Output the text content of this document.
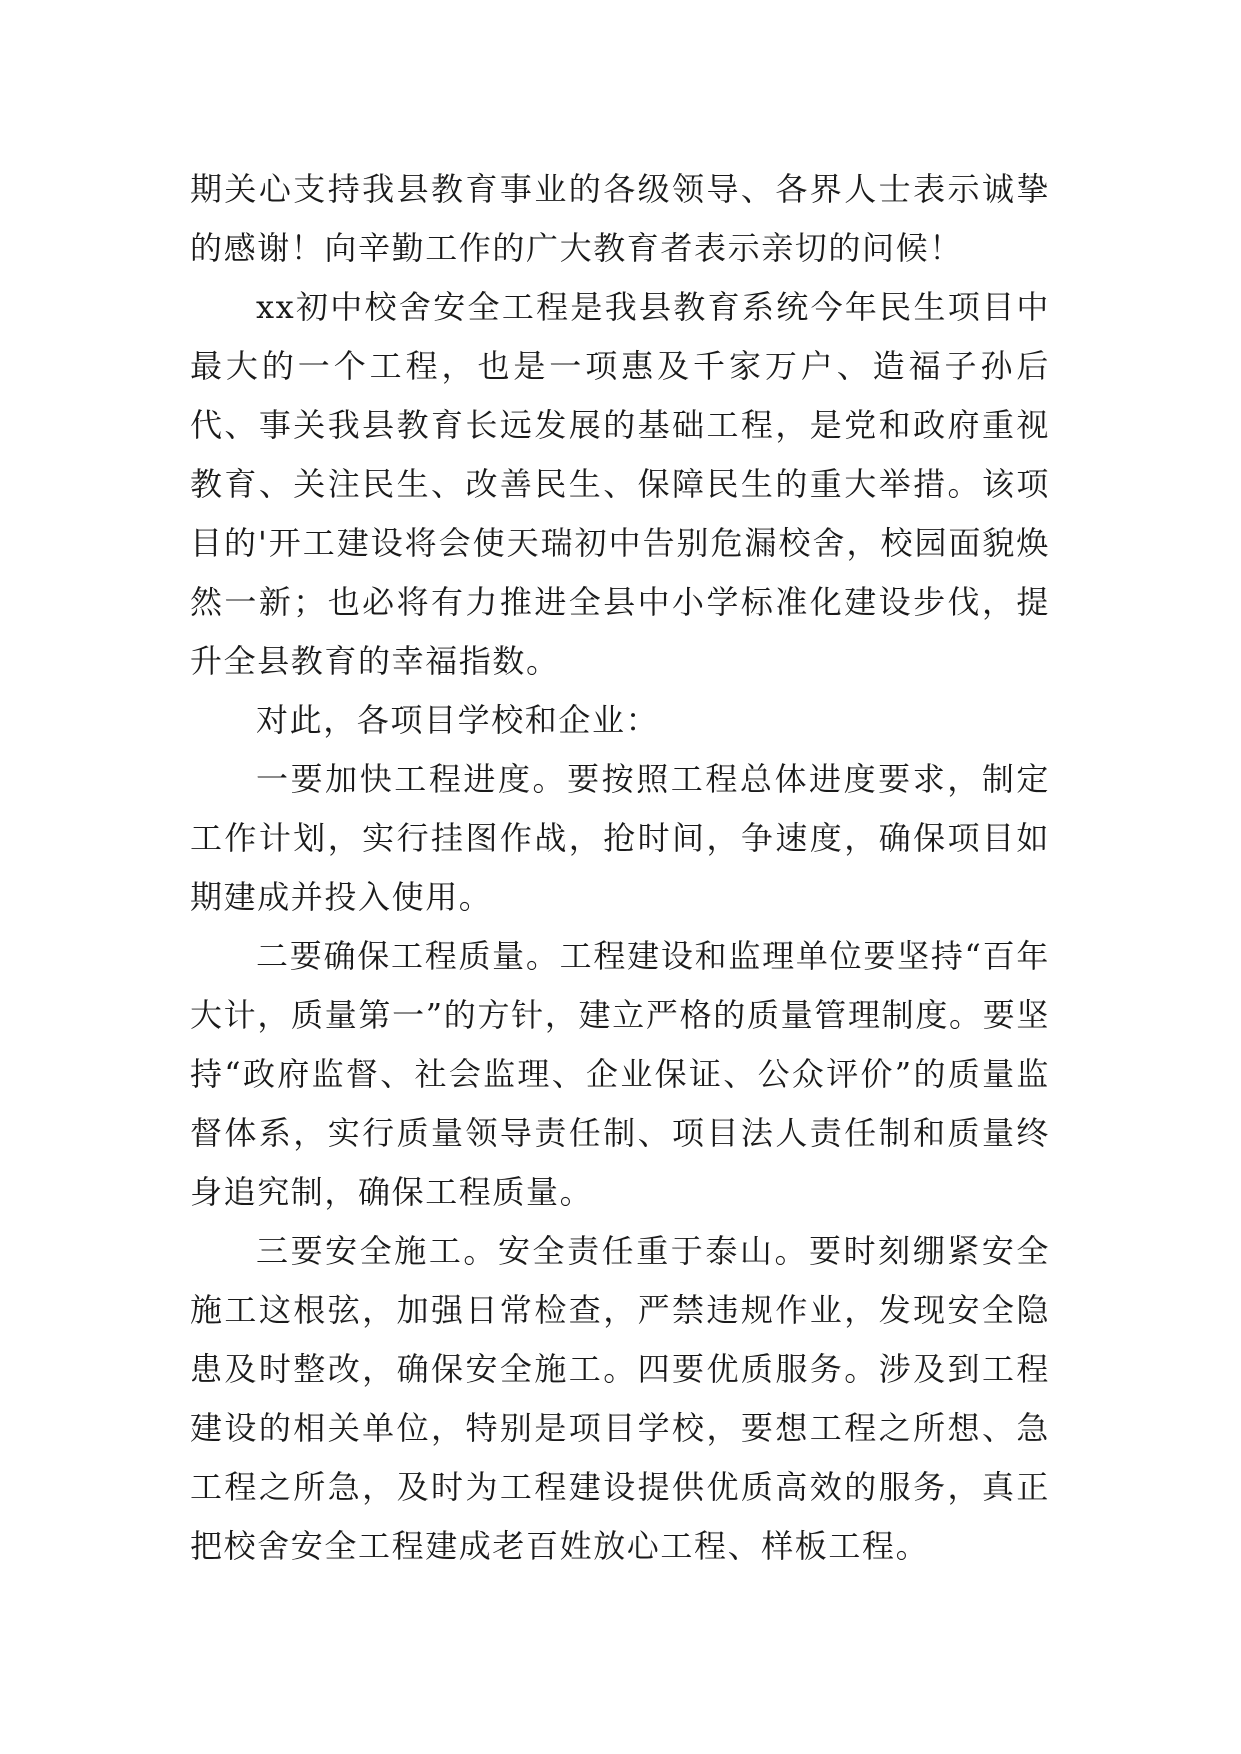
期关心支持我县教育事业的各级领导、各界人士表示诚挚的感谢！向辛勤工作的广大教育者表示亲切的问候！

xx初中校舍安全工程是我县教育系统今年民生项目中最大的一个工程，也是一项惠及千家万户、造福子孙后代、事关我县教育长远发展的基础工程，是党和政府重视教育、关注民生、改善民生、保障民生的重大举措。该项目的'开工建设将会使天瑞初中告别危漏校舍，校园面貌焕然一新；也必将有力推进全县中小学标准化建设步伐，提升全县教育的幸福指数。

对此，各项目学校和企业：

一要加快工程进度。要按照工程总体进度要求，制定工作计划，实行挂图作战，抢时间，争速度，确保项目如期建成并投入使用。

二要确保工程质量。工程建设和监理单位要坚持“百年大计，质量第一”的方针，建立严格的质量管理制度。要坚持“政府监督、社会监理、企业保证、公众评价”的质量监督体系，实行质量领导责任制、项目法人责任制和质量终身追究制，确保工程质量。

三要安全施工。安全责任重于泰山。要时刻绷紧安全施工这根弦，加强日常检查，严禁违规作业，发现安全隐患及时整改，确保安全施工。四要优质服务。涉及到工程建设的相关单位，特别是项目学校，要想工程之所想、急工程之所急，及时为工程建设提供优质高效的服务，真正把校舍安全工程建成老百姓放心工程、样板工程。
